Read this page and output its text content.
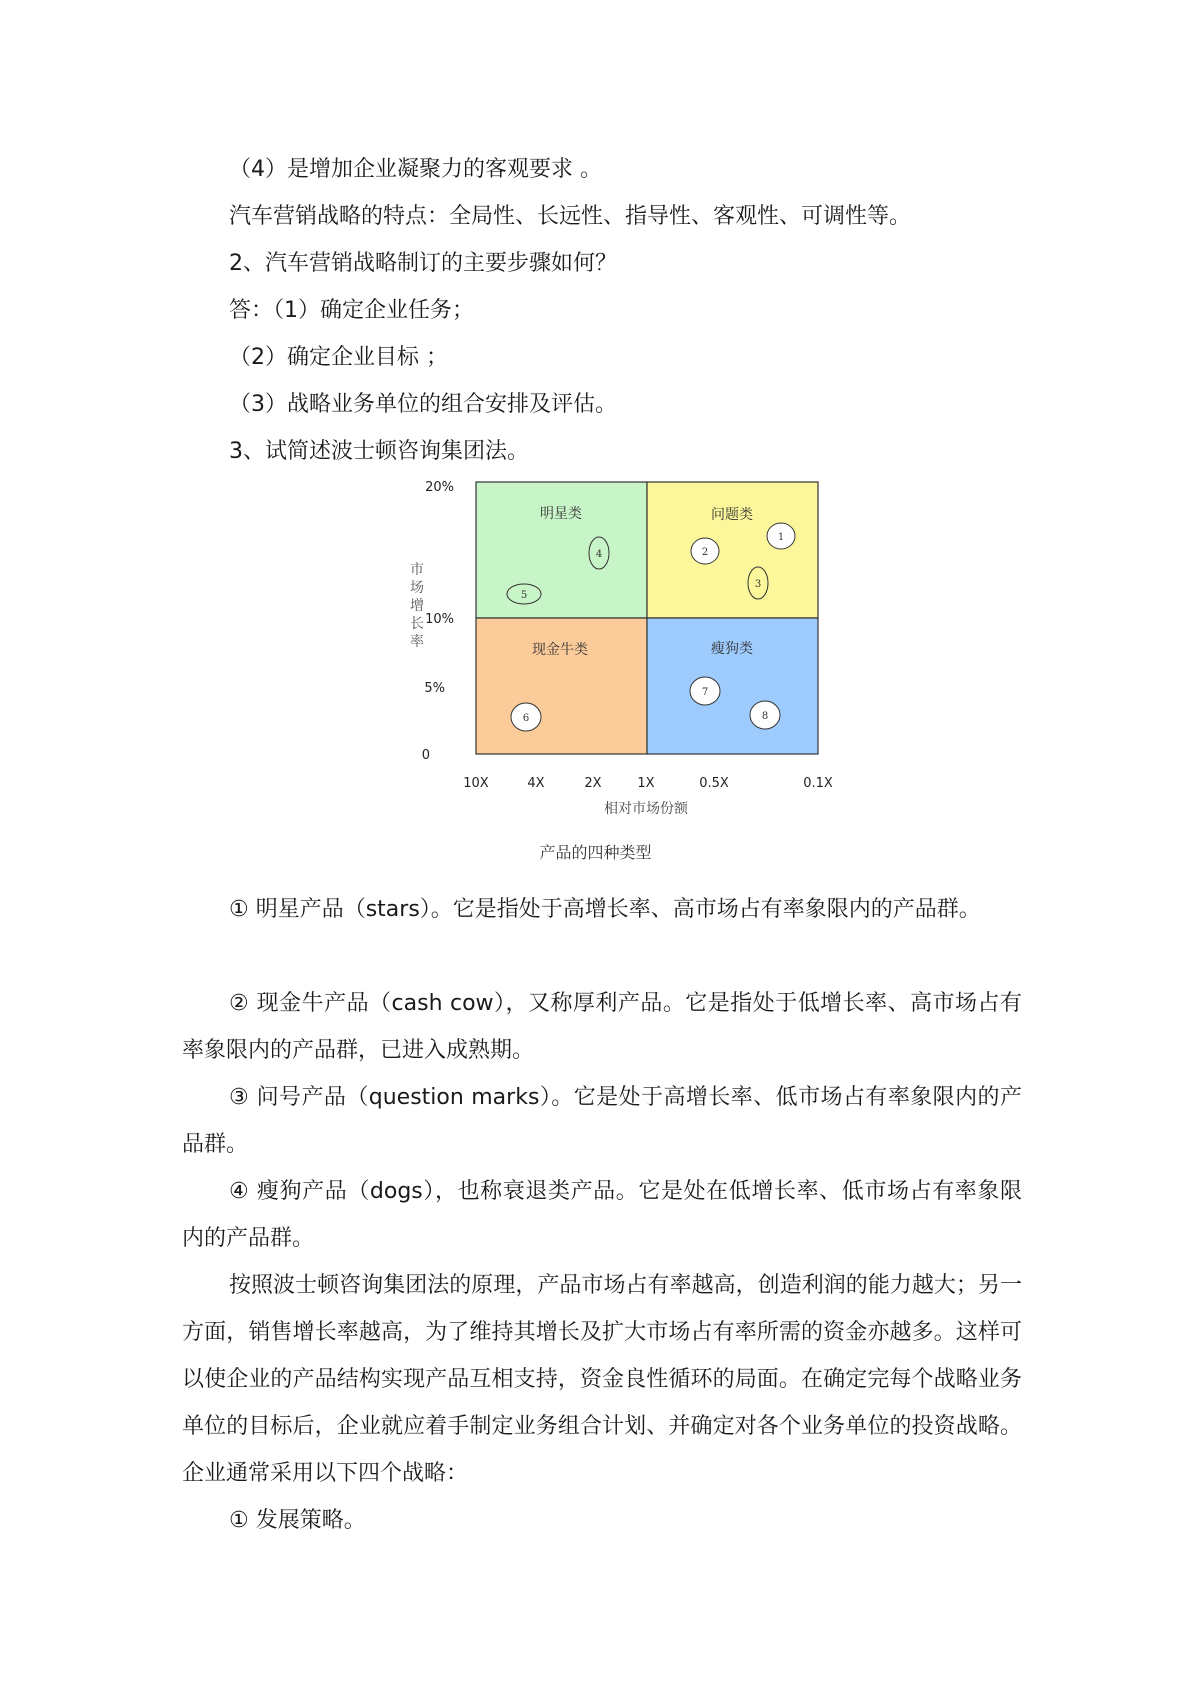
（4）是增加企业凝聚力的客观要求 。

汽车营销战略的特点：全局性、长远性、指导性、客观性、可调性等。

2、汽车营销战略制订的主要步骤如何？

答：（1）确定企业任务；

（2）确定企业目标 ；

（3）战略业务单位的组合安排及评估。

3、试简述波士顿咨询集团法。

明星类	问题类
现金牛类	瘦狗类
1
2
3
4
5
6
7
8
20%
10%
5%
0
市场增长率
10X	4X	2X	1X	0.5X	0.1X
相对市场份额
产品的四种类型

① 明星产品（stars）。它是指处于高增长率、高市场占有率象限内的产品群。

② 现金牛产品（cash cow），又称厚利产品。它是指处于低增长率、高市场占有率象限内的产品群，已进入成熟期。

③ 问号产品（question marks）。它是处于高增长率、低市场占有率象限内的产品群。

④ 瘦狗产品（dogs），也称衰退类产品。它是处在低增长率、低市场占有率象限内的产品群。

按照波士顿咨询集团法的原理，产品市场占有率越高，创造利润的能力越大；另一方面，销售增长率越高，为了维持其增长及扩大市场占有率所需的资金亦越多。这样可以使企业的产品结构实现产品互相支持，资金良性循环的局面。在确定完每个战略业务单位的目标后，企业就应着手制定业务组合计划、并确定对各个业务单位的投资战略。企业通常采用以下四个战略：

① 发展策略。
